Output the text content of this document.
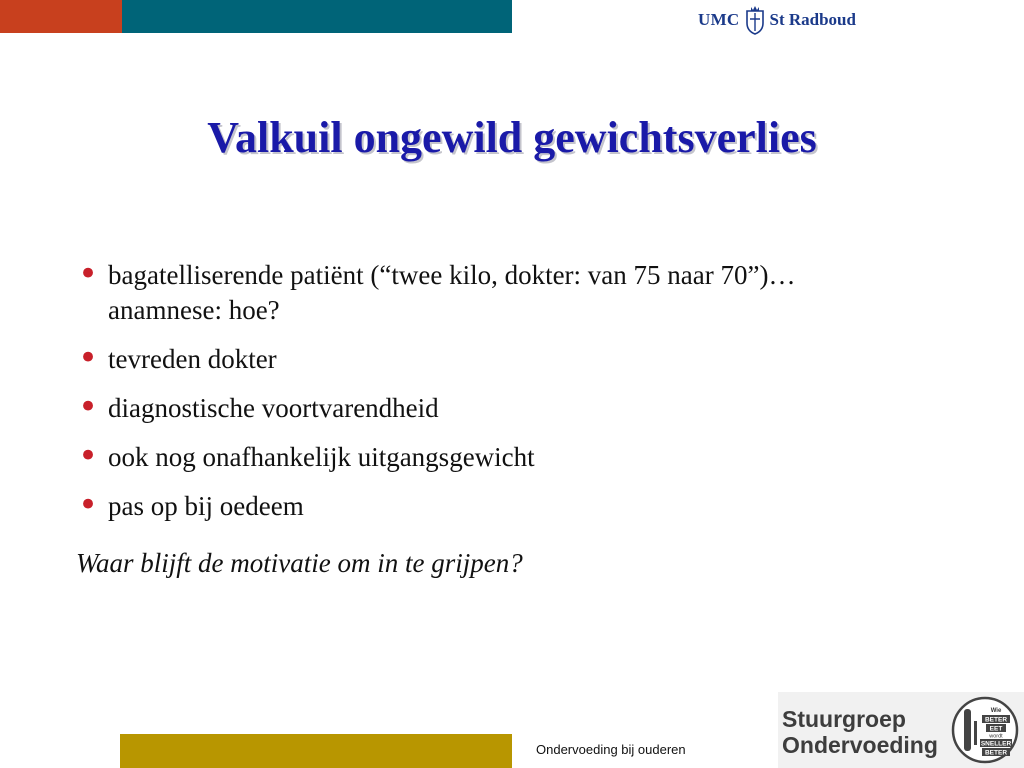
UMC St Radboud
Valkuil ongewild gewichtsverlies
• bagatelliserende patiënt (“twee kilo, dokter: van 75 naar 70”)…anamnese: hoe?
• tevreden dokter
• diagnostische voortvarendheid
• ook nog onafhankelijk uitgangsgewicht
• pas op bij oedeem

Waar blijft de motivatie om in te grijpen?

Ondervoeding bij ouderen
Stuurgroep
Ondervoeding
Wie
BETER
EET
wordt
SNELLER
BETER
